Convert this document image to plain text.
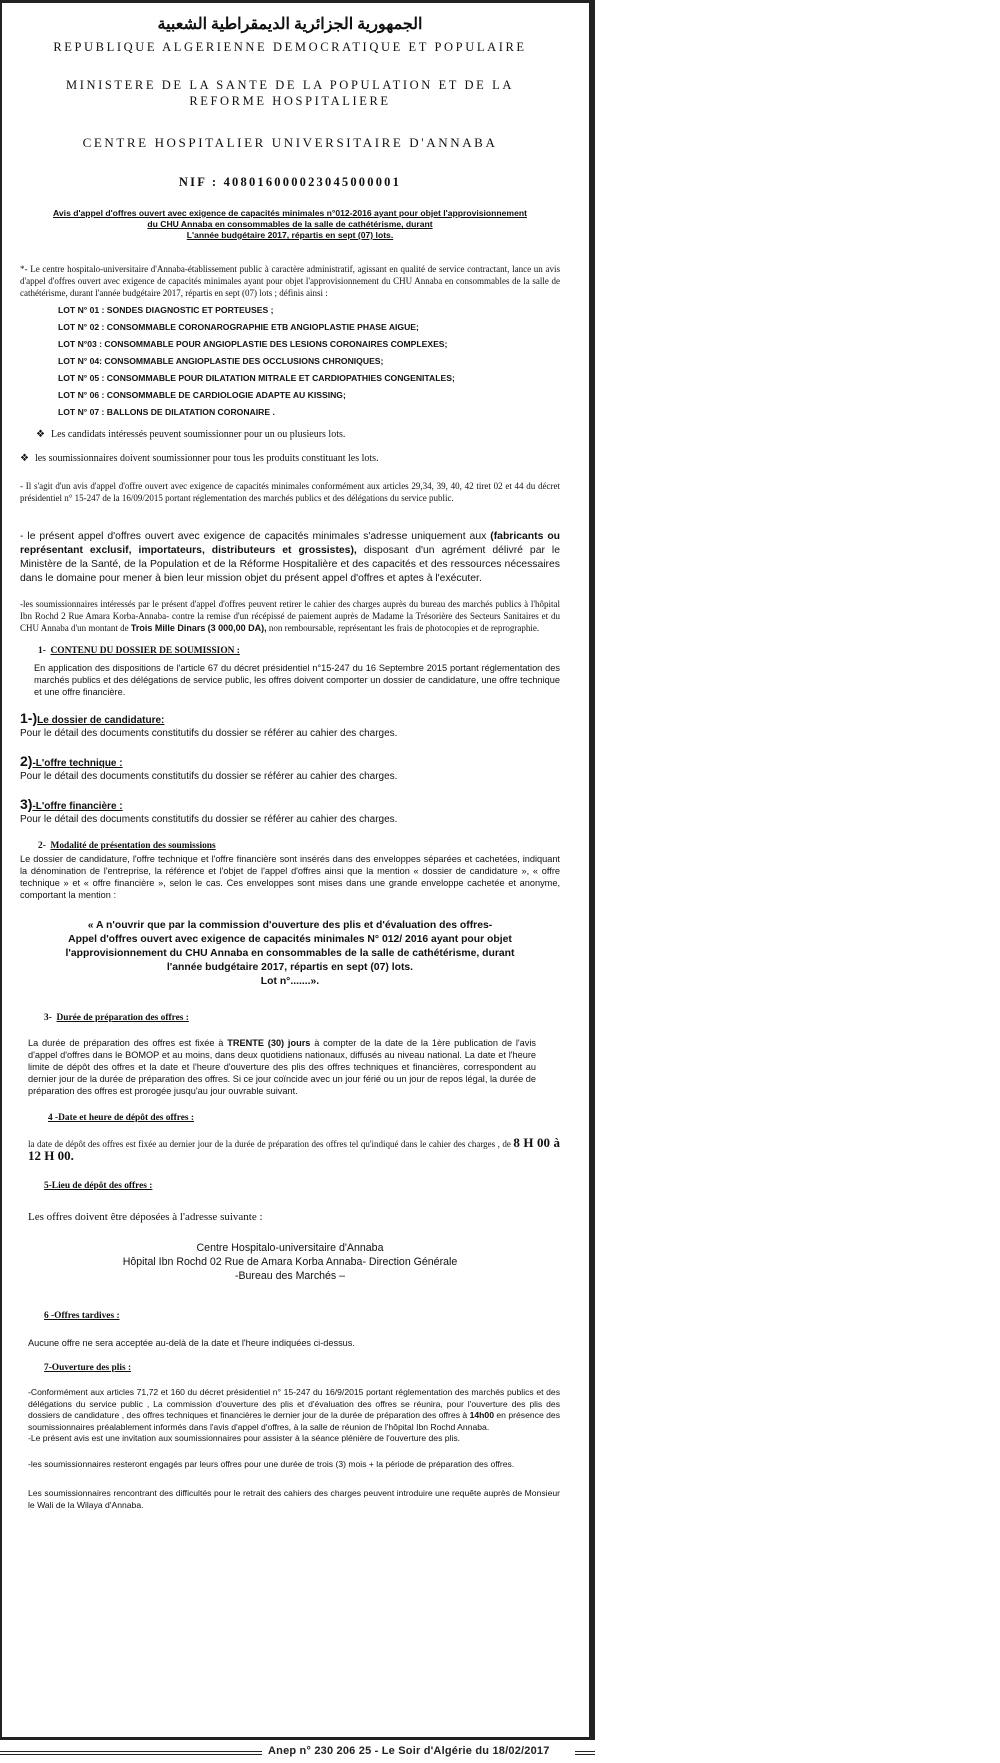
الجمهورية الجزائرية الديمقراطية الشعبية

REPUBLIQUE ALGERIENNE DEMOCRATIQUE ET POPULAIRE

MINISTERE DE LA SANTE DE LA POPULATION ET DE LA
REFORME HOSPITALIERE

CENTRE HOSPITALIER UNIVERSITAIRE D'ANNABA

NIF : 408016000023045000001

Avis d'appel d'offres ouvert avec exigence de capacités minimales n°012-2016 ayant pour objet l'approvisionnement
du CHU Annaba en consommables de la salle de cathétérisme, durant
L'année budgétaire 2017, répartis en sept (07) lots.
*- Le centre hospitalo-universitaire d'Annaba-établissement public à caractère administratif, agissant en qualité de service contractant, lance un avis d'appel d'offres ouvert avec exigence de capacités minimales ayant pour objet l'approvisionnement du CHU Annaba en consommables de la salle de cathétérisme, durant l'année budgétaire 2017, répartis en sept (07) lots ; définis ainsi :
LOT N° 01 : SONDES DIAGNOSTIC ET PORTEUSES ;
LOT N° 02 : CONSOMMABLE CORONAROGRAPHIE ETB ANGIOPLASTIE PHASE AIGUE;
LOT N°03 : CONSOMMABLE POUR ANGIOPLASTIE DES LESIONS CORONAIRES COMPLEXES;
LOT N° 04: CONSOMMABLE ANGIOPLASTIE DES OCCLUSIONS CHRONIQUES;
LOT N° 05 : CONSOMMABLE POUR DILATATION MITRALE ET CARDIOPATHIES CONGENITALES;
LOT N° 06 : CONSOMMABLE DE CARDIOLOGIE ADAPTE AU KISSING;
LOT N° 07 : BALLONS DE DILATATION CORONAIRE .
❖ Les candidats intéressés peuvent soumissionner pour un ou plusieurs lots.
❖ les soumissionnaires doivent soumissionner pour tous les produits constituant les lots.
- Il s'agit d'un avis d'appel d'offre ouvert avec exigence de capacités minimales conformément aux articles 29,34, 39, 40, 42 tiret 02 et 44 du décret présidentiel n° 15-247 de la 16/09/2015 portant réglementation des marchés publics et des délégations du service public.
- le présent appel d'offres ouvert avec exigence de capacités minimales s'adresse uniquement aux (fabricants ou représentant exclusif, importateurs, distributeurs et grossistes), disposant d'un agrément délivré par le Ministère de la Santé, de la Population et de la Réforme Hospitalière et des capacités et des ressources nécessaires dans le domaine pour mener à bien leur mission objet du présent appel d'offres et aptes à l'exécuter.
-les soumissionnaires intéressés par le présent d'appel d'offres peuvent retirer le cahier des charges auprès du bureau des marchés publics à l'hôpital Ibn Rochd 2 Rue Amara Korba-Annaba- contre la remise d'un récépissé de paiement auprès de Madame la Trésorière des Secteurs Sanitaires et du CHU Annaba d'un montant de Trois Mille Dinars (3 000,00 DA), non remboursable, représentant les frais de photocopies et de reprographie.
1- CONTENU DU DOSSIER DE SOUMISSION :
En application des dispositions de l'article 67 du décret présidentiel n°15-247 du 16 Septembre 2015 portant réglementation des marchés publics et des délégations de service public, les offres doivent comporter un dossier de candidature, une offre technique et une offre financière.
1-)Le dossier de candidature:
Pour le détail des documents constitutifs du dossier se référer au cahier des charges.
2)-L'offre technique :
Pour le détail des documents constitutifs du dossier se référer au cahier des charges.
3)-L'offre financière :
Pour le détail des documents constitutifs du dossier se référer au cahier des charges.
2- Modalité de présentation des soumissions
Le dossier de candidature, l'offre technique et l'offre financière sont insérés dans des enveloppes séparées et cachetées, indiquant la dénomination de l'entreprise, la référence et l'objet de l'appel d'offres ainsi que la mention « dossier de candidature », « offre technique » et « offre financière », selon le cas. Ces enveloppes sont mises dans une grande enveloppe cachetée et anonyme, comportant la mention :
« A n'ouvrir que par la commission d'ouverture des plis et d'évaluation des offres-
Appel d'offres ouvert avec exigence de capacités minimales N° 012/ 2016 ayant pour objet
l'approvisionnement du CHU Annaba en consommables de la salle de cathétérisme, durant
l'année budgétaire 2017, répartis en sept (07) lots.
Lot n°.......».
3- Durée de préparation des offres :
La durée de préparation des offres est fixée à TRENTE (30) jours à compter de la date de la 1ère publication de l'avis d'appel d'offres dans le BOMOP et au moins, dans deux quotidiens nationaux, diffusés au niveau national. La date et l'heure limite de dépôt des offres et la date et l'heure d'ouverture des plis des offres techniques et financières, correspondent au dernier jour de la durée de préparation des offres. Si ce jour coïncide avec un jour férié ou un jour de repos légal, la durée de préparation des offres est prorogée jusqu'au jour ouvrable suivant.
4 -Date et heure de dépôt des offres :
la date de dépôt des offres est fixée au dernier jour de la durée de préparation des offres tel qu'indiqué dans le cahier des charges , de 8 H 00 à 12 H 00.
5-Lieu de dépôt des offres :
Les offres doivent être déposées à l'adresse suivante :
Centre Hospitalo-universitaire d'Annaba
Hôpital Ibn Rochd 02 Rue de Amara Korba Annaba- Direction Générale
-Bureau des Marchés –
6 -Offres tardives :
Aucune offre ne sera acceptée au-delà de la date et l'heure indiquées ci-dessus.
7-Ouverture des plis :
-Conformément aux articles 71,72 et 160 du décret présidentiel n° 15-247 du 16/9/2015 portant réglementation des marchés publics et des délégations du service public , La commission d'ouverture des plis et d'évaluation des offres se réunira, pour l'ouverture des plis des dossiers de candidature , des offres techniques et financières le dernier jour de la durée de préparation des offres à 14h00 en présence des soumissionnaires préalablement informés dans l'avis d'appel d'offres, à la salle de réunion de l'hôpital Ibn Rochd Annaba.
-Le présent avis est une invitation aux soumissionnaires pour assister à la séance plénière de l'ouverture des plis.
-les soumissionnaires resteront engagés par leurs offres pour une durée de trois (3) mois + la période de préparation des offres.
Les soumissionnaires rencontrant des difficultés pour le retrait des cahiers des charges peuvent introduire une requête auprès de Monsieur le Wali de la Wilaya d'Annaba.
Anep n° 230 206 25 - Le Soir d'Algérie du 18/02/2017
